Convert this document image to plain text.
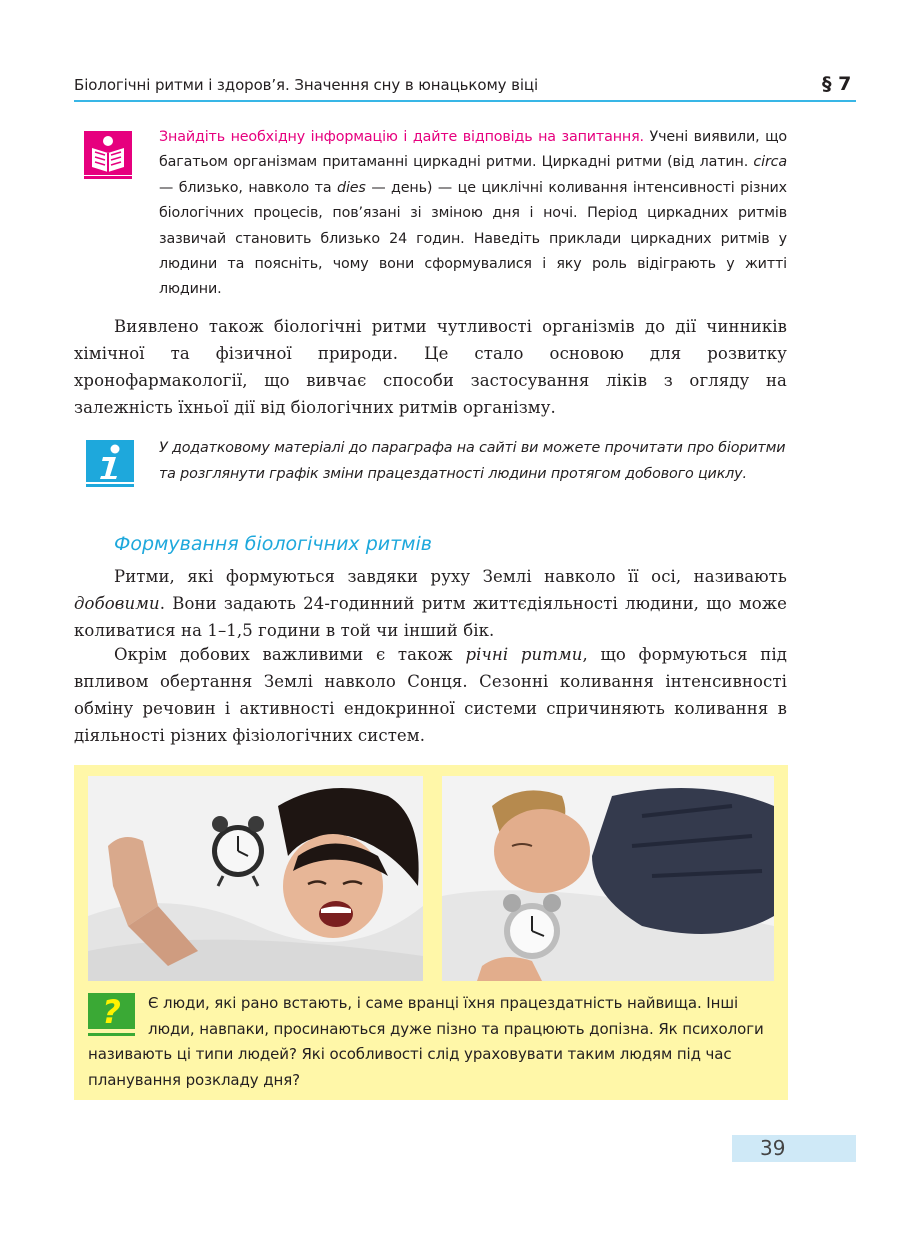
Біологічні ритми і здоров’я. Значення сну в юнацькому віці	§ 7
Знайдіть необхідну інформацію і дайте відповідь на запитання. Учені виявили, що багатьом організмам притаманні циркадні ритми. Циркадні ритми (від латин. circa — близько, навколо та dies — день) — це циклічні коливання інтенсивності різних біологічних процесів, пов’язані зі зміною дня і ночі. Період циркадних ритмів зазвичай становить близько 24 годин. Наведіть приклади циркадних ритмів у людини та поясніть, чому вони сформувалися і яку роль відіграють у житті людини.

Виявлено також біологічні ритми чутливості організмів до дії чинників хімічної та фізичної природи. Це стало основою для розвитку хронофармакології, що вивчає способи застосування ліків з огляду на залежність їхньої дії від біологічних ритмів організму.

У додатковому матеріалі до параграфа на сайті ви можете прочитати про біоритми та розглянути графік зміни працездатності людини протягом добового циклу.
Формування біологічних ритмів

Ритми, які формуються завдяки руху Землі навколо її осі, називають добовими. Вони задають 24-годинний ритм життєдіяльності людини, що може коливатися на 1–1,5 години в той чи інший бік.

Окрім добових важливими є також річні ритми, що формуються під впливом обертання Землі навколо Сонця. Сезонні коливання інтенсивності обміну речовин і активності ендокринної системи спричиняють коливання в діяльності різних фізіологічних систем.

?	Є люди, які рано встають, і саме вранці їхня працездатність найвища. Інші люди, навпаки, просинаються дуже пізно та працюють допізна. Як психологи називають ці типи людей? Які особливості слід ураховувати таким людям під час планування розкладу дня?
39
